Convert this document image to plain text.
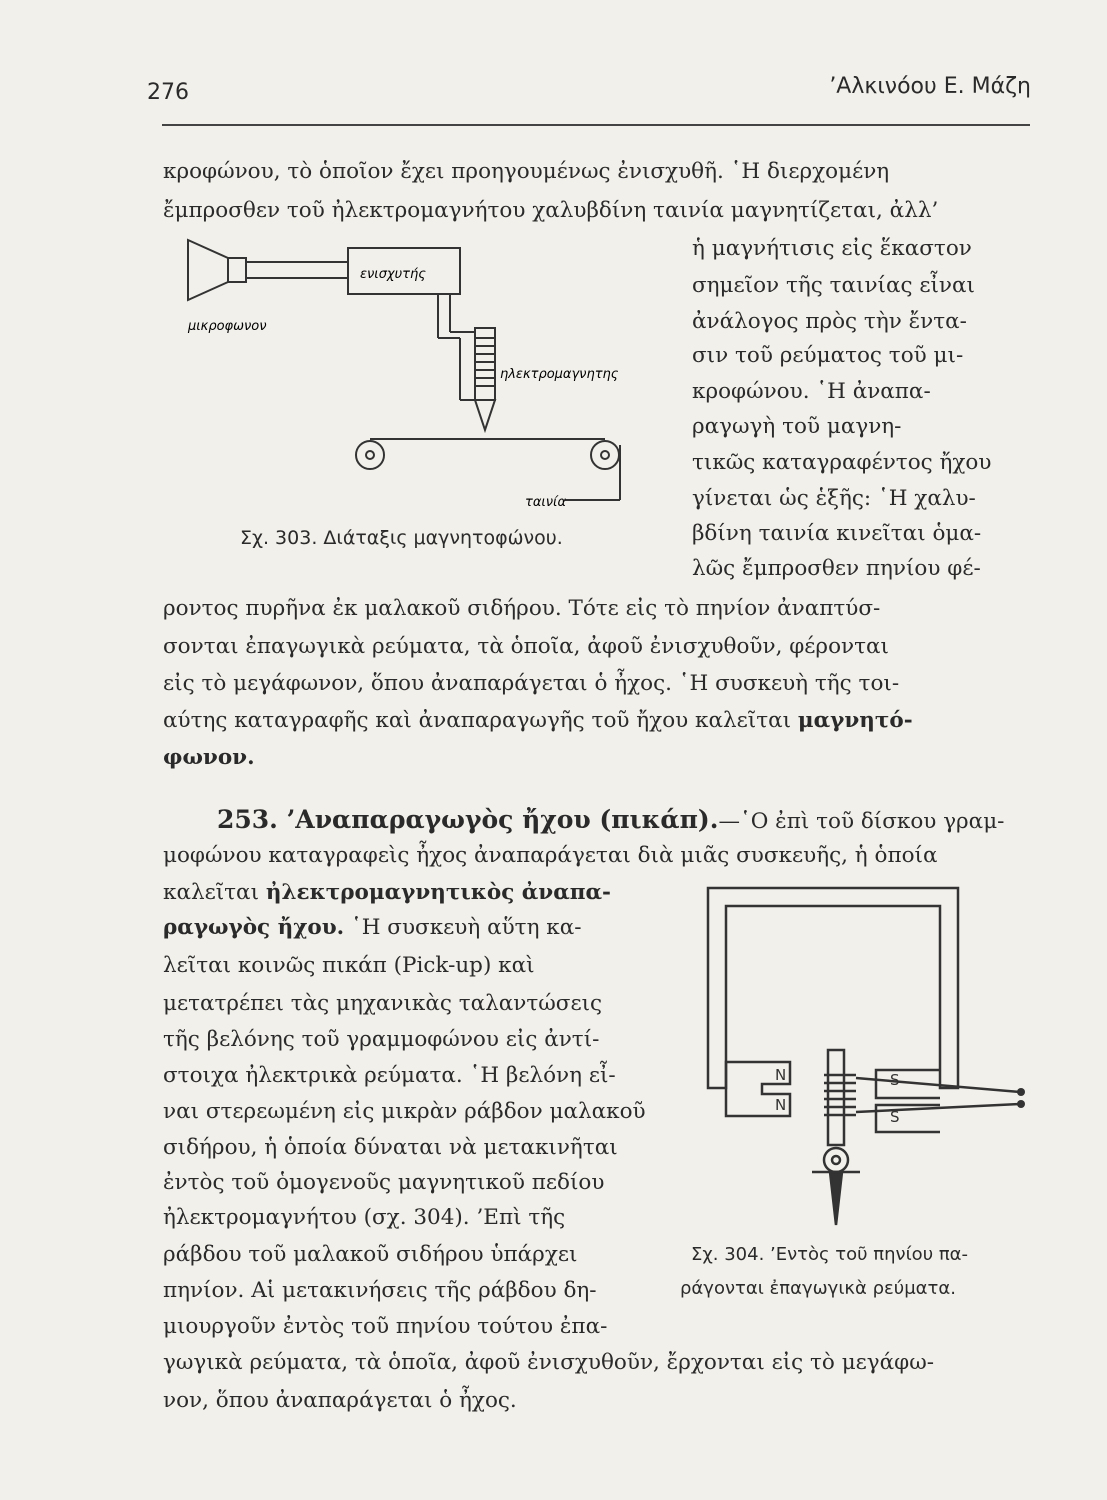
276	’Αλκινόου Ε. Μάζη
κροφώνου, τὸ ὁποῖον ἔχει προηγουμένως ἐνισχυθῆ. ῾Η διερχομένη
ἔμπροσθεν τοῦ ἠλεκτρομαγνήτου χαλυβδίνη ταινία μαγνητίζεται, ἀλλ’
ἡ μαγνήτισις εἰς ἕκαστον
σημεῖον τῆς ταινίας εἶναι
ἀνάλογος πρὸς τὴν ἔντα-
σιν τοῦ ρεύματος τοῦ μι-
κροφώνου. ῾Η ἀναπα-
ραγωγὴ τοῦ μαγνη-
τικῶς καταγραφέντος ἤχου
γίνεται ὡς ἑξῆς: ῾Η χαλυ-
βδίνη ταινία κινεῖται ὁμα-
λῶς ἔμπροσθεν πηνίου φέ-
ενισχυτής
μικροφωνον
ηλεκτρομαγνητης
ταινία
Σχ. 303. Διάταξις μαγνητοφώνου.
ροντος πυρῆνα ἐκ μαλακοῦ σιδήρου. Τότε εἰς τὸ πηνίον ἀναπτύσ-
σονται ἐπαγωγικὰ ρεύματα, τὰ ὁποῖα, ἀφοῦ ἐνισχυθοῦν, φέρονται
εἰς τὸ μεγάφωνον, ὅπου ἀναπαράγεται ὁ ἦχος. ῾Η συσκευὴ τῆς τοι-
αύτης καταγραφῆς καὶ ἀναπαραγωγῆς τοῦ ἤχου καλεῖται μαγνητό-
φωνον.
253. ’Αναπαραγωγὸς ἤχου (πικάπ).—῾Ο ἐπὶ τοῦ δίσκου γραμ-
μοφώνου καταγραφεὶς ἦχος ἀναπαράγεται διὰ μιᾶς συσκευῆς, ἡ ὁποία
καλεῖται ἠλεκτρομαγνητικὸς ἀναπα-
ραγωγὸς ἤχου. ῾Η συσκευὴ αὕτη κα-
λεῖται κοινῶς πικάπ (Pick-up) καὶ
μετατρέπει τὰς μηχανικὰς ταλαντώσεις
τῆς βελόνης τοῦ γραμμοφώνου εἰς ἀντί-
στοιχα ἠλεκτρικὰ ρεύματα. ῾Η βελόνη εἶ-
ναι στερεωμένη εἰς μικρὰν ράβδον μαλακοῦ
σιδήρου, ἡ ὁποία δύναται νὰ μετακινῆται
ἐντὸς τοῦ ὁμογενοῦς μαγνητικοῦ πεδίου
ἠλεκτρομαγνήτου (σχ. 304). ’Επὶ τῆς
ράβδου τοῦ μαλακοῦ σιδήρου ὑπάρχει
πηνίον. Αἱ μετακινήσεις τῆς ράβδου δη-
μιουργοῦν ἐντὸς τοῦ πηνίου τούτου ἐπα-
γωγικὰ ρεύματα, τὰ ὁποῖα, ἀφοῦ ἐνισχυθοῦν, ἔρχονται εἰς τὸ μεγάφω-
νον, ὅπου ἀναπαράγεται ὁ ἦχος.
N
N
S
S
Σχ. 304. ’Εντὸς τοῦ πηνίου πα-
ράγονται ἐπαγωγικὰ ρεύματα.
